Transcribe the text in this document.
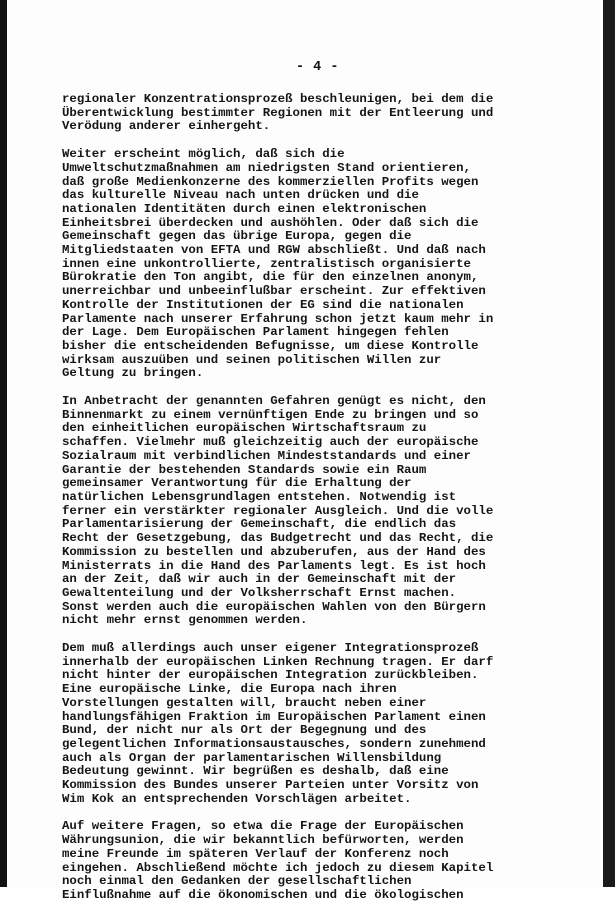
- 4 -
regionaler Konzentrationsprozeß beschleunigen, bei dem die
Überentwicklung bestimmter Regionen mit der Entleerung und
Verödung anderer einhergeht.
Weiter erscheint möglich, daß sich die
Umweltschutzmaßnahmen am niedrigsten Stand orientieren,
daß große Medienkonzerne des kommerziellen Profits wegen
das kulturelle Niveau nach unten drücken und die
nationalen Identitäten durch einen elektronischen
Einheitsbrei überdecken und aushöhlen. Oder daß sich die
Gemeinschaft gegen das übrige Europa, gegen die
Mitgliedstaaten von EFTA und RGW abschließt. Und daß nach
innen eine unkontrollierte, zentralistisch organisierte
Bürokratie den Ton angibt, die für den einzelnen anonym,
unerreichbar und unbeeinflußbar erscheint. Zur effektiven
Kontrolle der Institutionen der EG sind die nationalen
Parlamente nach unserer Erfahrung schon jetzt kaum mehr in
der Lage. Dem Europäischen Parlament hingegen fehlen
bisher die entscheidenden Befugnisse, um diese Kontrolle
wirksam auszuüben und seinen politischen Willen zur
Geltung zu bringen.
In Anbetracht der genannten Gefahren genügt es nicht, den
Binnenmarkt zu einem vernünftigen Ende zu bringen und so
den einheitlichen europäischen Wirtschaftsraum zu
schaffen. Vielmehr muß gleichzeitig auch der europäische
Sozialraum mit verbindlichen Mindeststandards und einer
Garantie der bestehenden Standards sowie ein Raum
gemeinsamer Verantwortung für die Erhaltung der
natürlichen Lebensgrundlagen entstehen. Notwendig ist
ferner ein verstärkter regionaler Ausgleich. Und die volle
Parlamentarisierung der Gemeinschaft, die endlich das
Recht der Gesetzgebung, das Budgetrecht und das Recht, die
Kommission zu bestellen und abzuberufen, aus der Hand des
Ministerrats in die Hand des Parlaments legt. Es ist hoch
an der Zeit, daß wir auch in der Gemeinschaft mit der
Gewaltenteilung und der Volksherrschaft Ernst machen.
Sonst werden auch die europäischen Wahlen von den Bürgern
nicht mehr ernst genommen werden.
Dem muß allerdings auch unser eigener Integrationsprozeß
innerhalb der europäischen Linken Rechnung tragen. Er darf
nicht hinter der europäischen Integration zurückbleiben.
Eine europäische Linke, die Europa nach ihren
Vorstellungen gestalten will, braucht neben einer
handlungsfähigen Fraktion im Europäischen Parlament einen
Bund, der nicht nur als Ort der Begegnung und des
gelegentlichen Informationsaustausches, sondern zunehmend
auch als Organ der parlamentarischen Willensbildung
Bedeutung gewinnt. Wir begrüßen es deshalb, daß eine
Kommission des Bundes unserer Parteien unter Vorsitz von
Wim Kok an entsprechenden Vorschlägen arbeitet.
Auf weitere Fragen, so etwa die Frage der Europäischen
Währungsunion, die wir bekanntlich befürworten, werden
meine Freunde im späteren Verlauf der Konferenz noch
eingehen. Abschließend möchte ich jedoch zu diesem Kapitel
noch einmal den Gedanken der gesellschaftlichen
Einflußnahme auf die ökonomischen und die ökologischen
